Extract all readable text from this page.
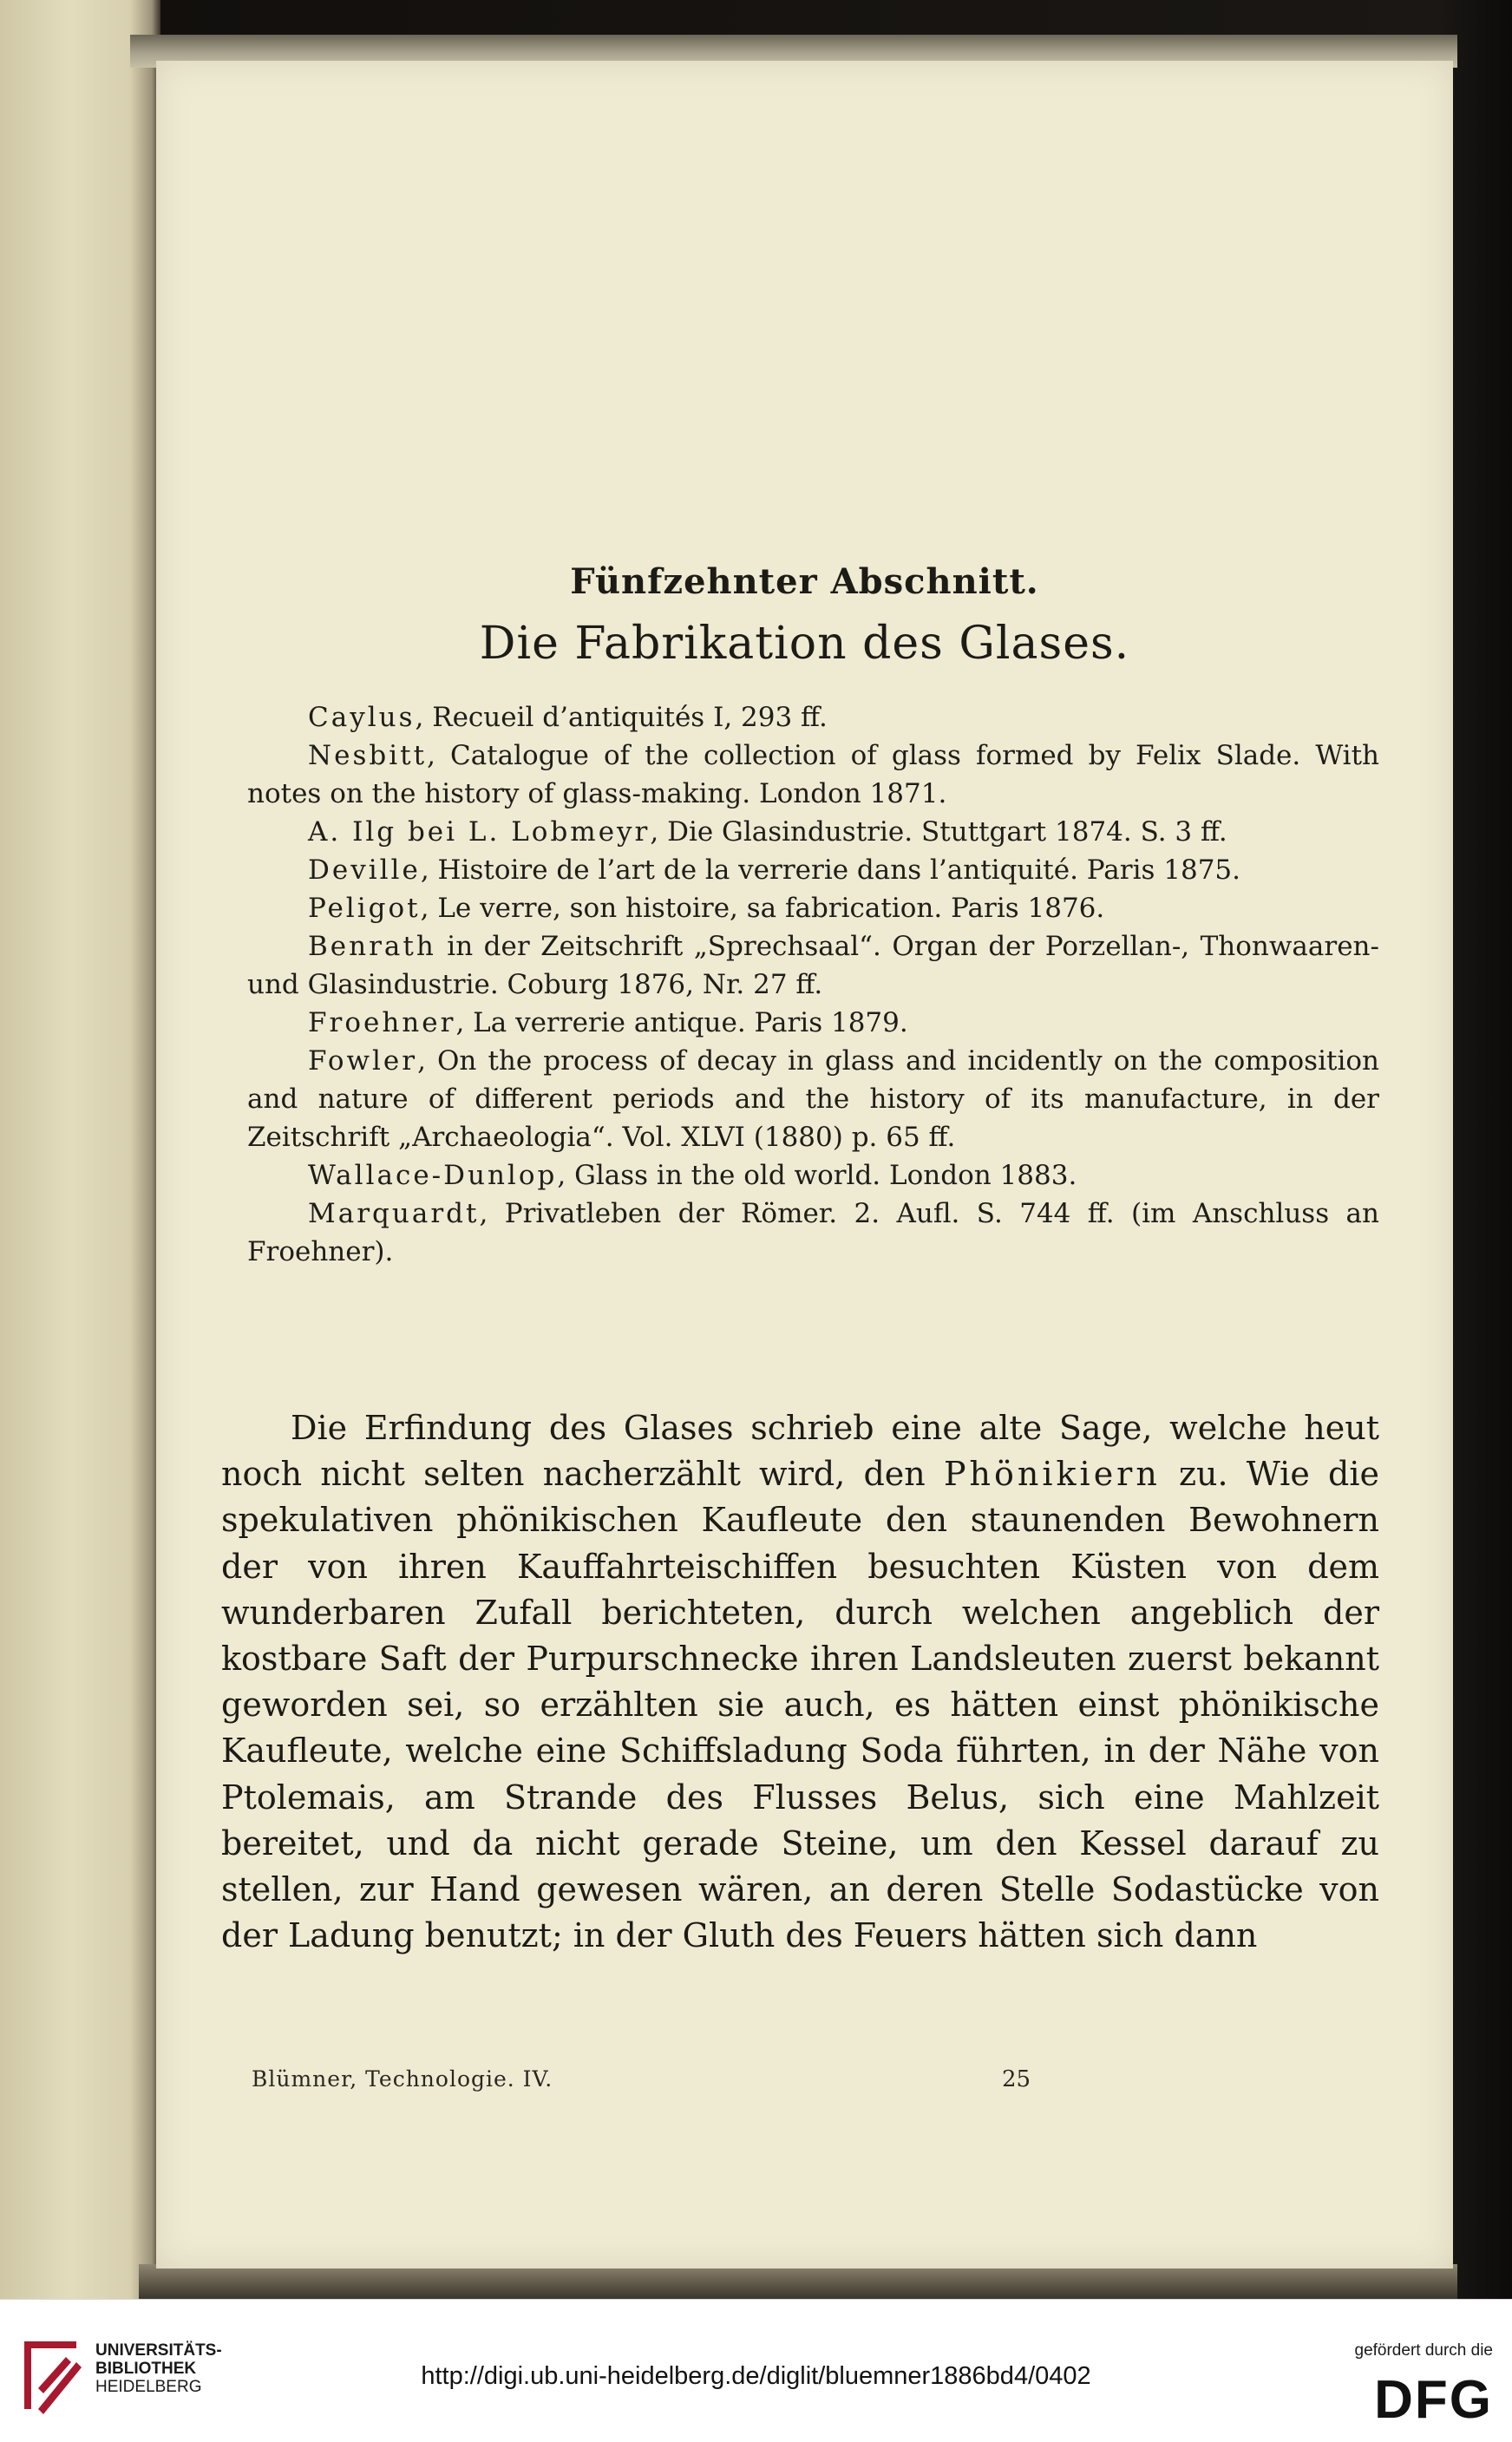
Fünfzehnter Abschnitt.
Die Fabrikation des Glases.

Caylus, Recueil d’antiquités I, 293 ff.

Nesbitt, Catalogue of the collection of glass formed by Felix Slade. With notes on the history of glass-making. London 1871.

A. Ilg bei L. Lobmeyr, Die Glasindustrie. Stuttgart 1874. S. 3 ff.

Deville, Histoire de l’art de la verrerie dans l’antiquité. Paris 1875.

Peligot, Le verre, son histoire, sa fabrication. Paris 1876.

Benrath in der Zeitschrift „Sprechsaal“. Organ der Porzellan-, Thonwaaren- und Glasindustrie. Coburg 1876, Nr. 27 ff.

Froehner, La verrerie antique. Paris 1879.

Fowler, On the process of decay in glass and incidently on the composition and nature of different periods and the history of its manufacture, in der Zeitschrift „Archaeologia“. Vol. XLVI (1880) p. 65 ff.

Wallace-Dunlop, Glass in the old world. London 1883.

Marquardt, Privatleben der Römer. 2. Aufl. S. 744 ff. (im Anschluss an Froehner).

Die Erfindung des Glases schrieb eine alte Sage, welche heut noch nicht selten nacherzählt wird, den Phönikiern zu. Wie die spekulativen phönikischen Kaufleute den staunenden Bewohnern der von ihren Kauffahrteischiffen besuchten Küsten von dem wunderbaren Zufall berichteten, durch welchen angeblich der kostbare Saft der Purpurschnecke ihren Landsleuten zuerst bekannt geworden sei, so erzählten sie auch, es hätten einst phönikische Kaufleute, welche eine Schiffsladung Soda führten, in der Nähe von Ptolemais, am Strande des Flusses Belus, sich eine Mahlzeit bereitet, und da nicht gerade Steine, um den Kessel darauf zu stellen, zur Hand gewesen wären, an deren Stelle Sodastücke von der Ladung benutzt; in der Gluth des Feuers hätten sich dann

Blümner, Technologie. IV.	25
UNIVERSITÄTS-
BIBLIOTHEK
HEIDELBERG	http://digi.ub.uni-heidelberg.de/diglit/bluemner1886bd4/0402
gefördert durch die
DFG
